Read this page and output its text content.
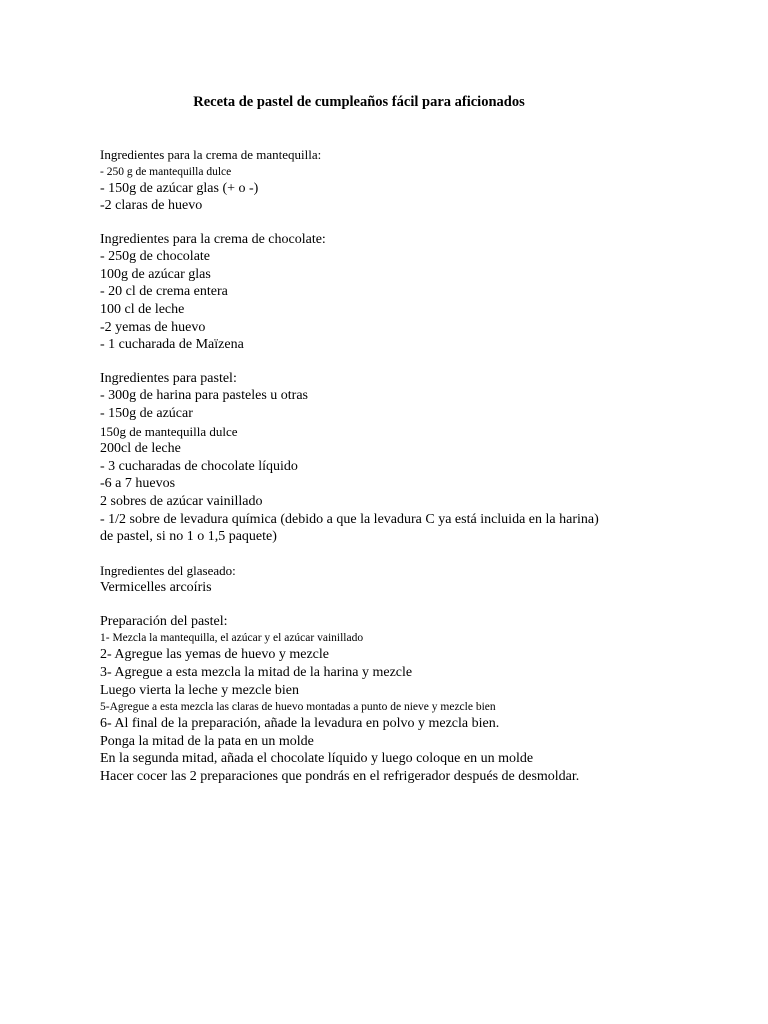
Receta de pastel de cumpleaños fácil para aficionados

Ingredientes para la crema de mantequilla:

- 250 g de mantequilla dulce

- 150g de azúcar glas (+ o -)

-2 claras de huevo

Ingredientes para la crema de chocolate:

- 250g de chocolate

100g de azúcar glas

- 20 cl de crema entera

100 cl de leche

-2 yemas de huevo

- 1 cucharada de Maïzena

Ingredientes para pastel:

- 300g de harina para pasteles u otras

- 150g de azúcar

150g de mantequilla dulce

200cl de leche

- 3 cucharadas de chocolate líquido

-6 a 7 huevos

2 sobres de azúcar vainillado

- 1/2 sobre de levadura química (debido a que la levadura C ya está incluida en la harina)

de pastel, si no 1 o 1,5 paquete)

Ingredientes del glaseado:

Vermicelles arcoíris

Preparación del pastel:

1- Mezcla la mantequilla, el azúcar y el azúcar vainillado

2- Agregue las yemas de huevo y mezcle

3- Agregue a esta mezcla la mitad de la harina y mezcle

Luego vierta la leche y mezcle bien

5-Agregue a esta mezcla las claras de huevo montadas a punto de nieve y mezcle bien

6- Al final de la preparación, añade la levadura en polvo y mezcla bien.

Ponga la mitad de la pata en un molde

En la segunda mitad, añada el chocolate líquido y luego coloque en un molde

Hacer cocer las 2 preparaciones que pondrás en el refrigerador después de desmoldar.
